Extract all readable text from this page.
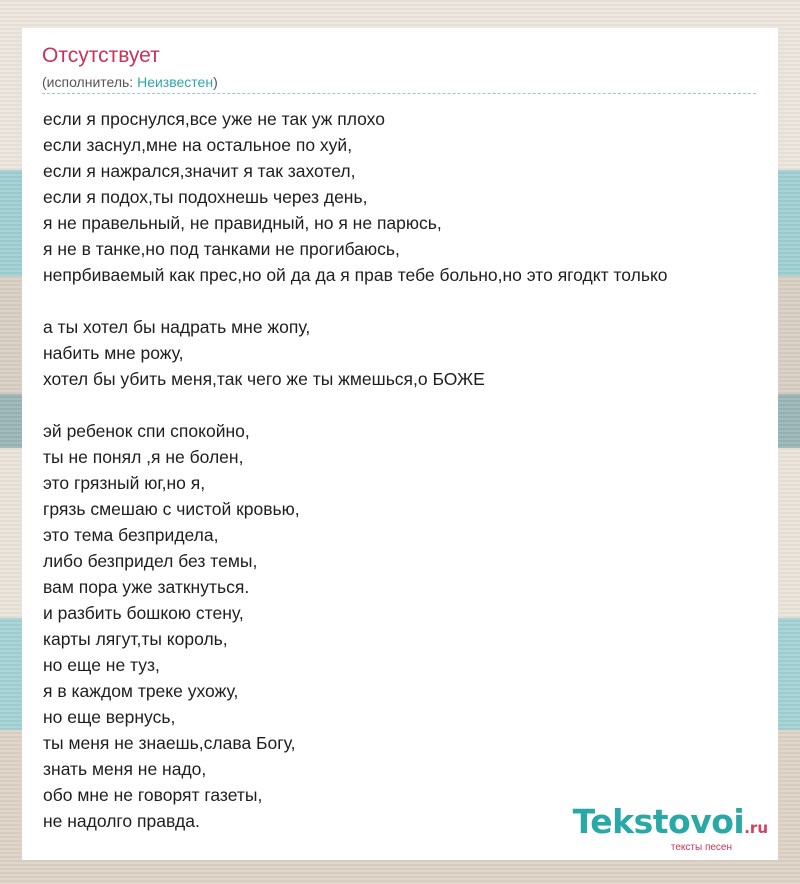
Отсутствует
(исполнитель: Неизвестен)
если я проснулся,все уже не так уж плохо
если заснул,мне на остальное по хуй,
если я нажрался,значит я так захотел,
если я подох,ты подохнешь через день,
я не правельный, не правидный, но я не парюсь,
я не в танке,но под танками не прогибаюсь,
непрбиваемый как прес,но ой да да я прав тебе больно,но это ягодкт только
а ты хотел бы надрать мне жопу,
набить мне рожу,
хотел бы убить меня,так чего же ты жмешься,о БОЖЕ
эй ребенок спи спокойно,
ты не понял ,я не болен,
это грязный юг,но я,
грязь смешаю с чистой кровью,
это тема безпридела,
либо безпридел без темы,
вам пора уже заткнуться.
и разбить бошкою стену,
карты лягут,ты король,
но еще не туз,
я в каждом треке ухожу,
но еще вернусь,
ты меня не знаешь,слава Богу,
знать меня не надо,
обо мне не говорят газеты,
не надолго правда.	Tekstovoi.ru
тексты песен
